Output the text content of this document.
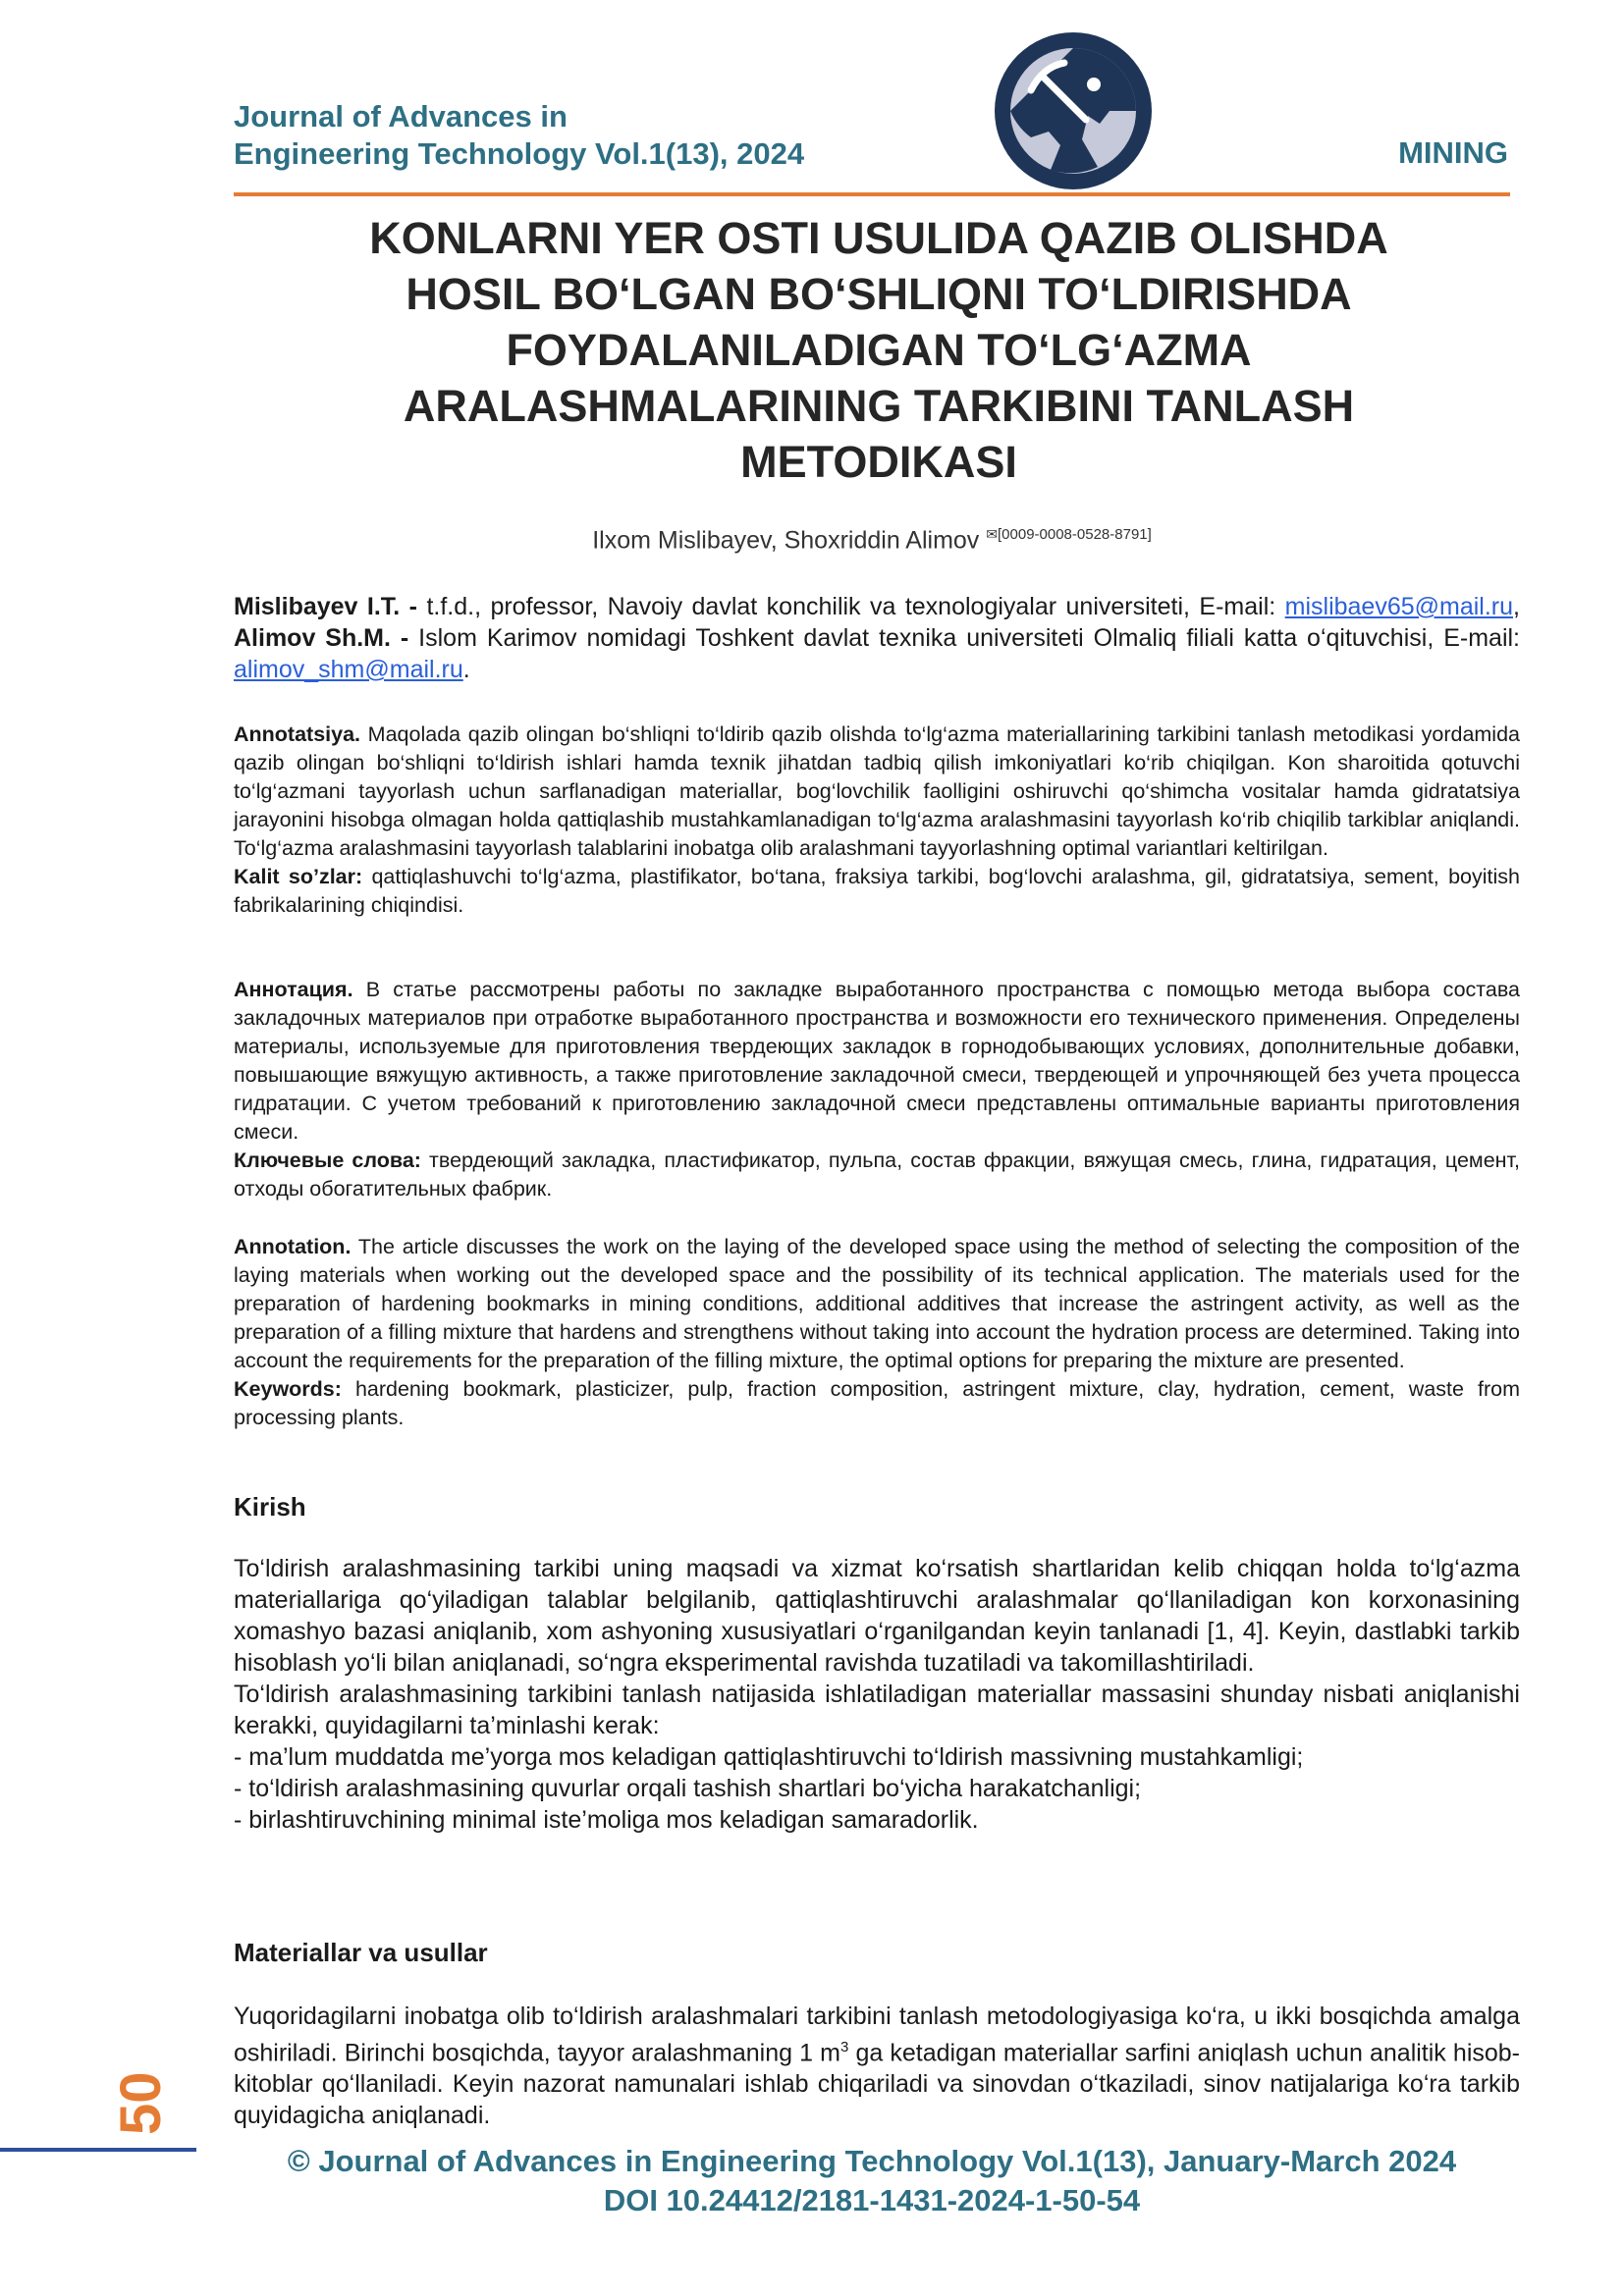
Journal of Advances in
Engineering Technology Vol.1(13), 2024	MINING
KONLARNI YER OSTI USULIDA QAZIB OLISHDA
HOSIL BO‘LGAN BO‘SHLIQNI TO‘LDIRISHDA
FOYDALANILADIGAN TO‘LG‘AZMA
ARALASHMALARINING TARKIBINI TANLASH
METODIKASI
Ilxom Mislibayev, Shoxriddin Alimov $^{✉[0009-0008-0528-8791]}$
Mislibayev I.T. - t.f.d., professor, Navoiy davlat konchilik va texnologiyalar universiteti, E-mail: mislibaev65@mail.ru, Alimov Sh.M. - Islom Karimov nomidagi Toshkent davlat texnika universiteti Olmaliq filiali katta o‘qituvchisi, E-mail: alimov_shm@mail.ru.
Annotatsiya. Maqolada qazib olingan bo‘shliqni to‘ldirib qazib olishda to‘lg‘azma materiallarining tarkibini tanlash metodikasi yordamida qazib olingan bo‘shliqni to‘ldirish ishlari hamda texnik jihatdan tadbiq qilish imkoniyatlari ko‘rib chiqilgan. Kon sharoitida qotuvchi to‘lg‘azmani tayyorlash uchun sarflanadigan materiallar, bog‘lovchilik faolligini oshiruvchi qo‘shimcha vositalar hamda gidratatsiya jarayonini hisobga olmagan holda qattiqlashib mustahkamlanadigan to‘lg‘azma aralashmasini tayyorlash ko‘rib chiqilib tarkiblar aniqlandi. To‘lg‘azma aralashmasini tayyorlash talablarini inobatga olib aralashmani tayyorlashning optimal variantlari keltirilgan.
Kalit so’zlar: qattiqlashuvchi to‘lg‘azma, plastifikator, bo‘tana, fraksiya tarkibi, bog‘lovchi aralashma, gil, gidratatsiya, sement, boyitish fabrikalarining chiqindisi.
Аннотация. В статье рассмотрены работы по закладке выработанного пространства с помощью метода выбора состава закладочных материалов при отработке выработанного пространства и возможности его технического применения. Определены материалы, используемые для приготовления твердеющих закладок в горнодобывающих условиях, дополнительные добавки, повышающие вяжущую активность, а также приготовление закладочной смеси, твердеющей и упрочняющей без учета процесса гидратации. С учетом требований к приготовлению закладочной смеси представлены оптимальные варианты приготовления смеси.
Ключевые слова: твердеющий закладка, пластификатор, пульпа, состав фракции, вяжущая смесь, глина, гидратация, цемент, отходы обогатительных фабрик.
Annotation. The article discusses the work on the laying of the developed space using the method of selecting the composition of the laying materials when working out the developed space and the possibility of its technical application. The materials used for the preparation of hardening bookmarks in mining conditions, additional additives that increase the astringent activity, as well as the preparation of a filling mixture that hardens and strengthens without taking into account the hydration process are determined. Taking into account the requirements for the preparation of the filling mixture, the optimal options for preparing the mixture are presented.
Keywords: hardening bookmark, plasticizer, pulp, fraction composition, astringent mixture, clay, hydration, cement, waste from processing plants.
Kirish
To‘ldirish aralashmasining tarkibi uning maqsadi va xizmat ko‘rsatish shartlaridan kelib chiqqan holda to‘lg‘azma materiallariga qo‘yiladigan talablar belgilanib, qattiqlashtiruvchi aralashmalar qo‘llaniladigan kon korxonasining xomashyo bazasi aniqlanib, xom ashyoning xususiyatlari o‘rganilgandan keyin tanlanadi [1, 4]. Keyin, dastlabki tarkib hisoblash yo‘li bilan aniqlanadi, so‘ngra eksperimental ravishda tuzatiladi va takomillashtiriladi.
To‘ldirish aralashmasining tarkibini tanlash natijasida ishlatiladigan materiallar massasini shunday nisbati aniqlanishi kerakki, quyidagilarni ta’minlashi kerak:
- ma’lum muddatda me’yorga mos keladigan qattiqlashtiruvchi to‘ldirish massivning mustahkamligi;
- to‘ldirish aralashmasining quvurlar orqali tashish shartlari bo‘yicha harakatchanligi;
- birlashtiruvchining minimal iste’moliga mos keladigan samaradorlik.
Materiallar va usullar
Yuqoridagilarni inobatga olib to‘ldirish aralashmalari tarkibini tanlash metodologiyasiga ko‘ra, u ikki bosqichda amalga oshiriladi. Birinchi bosqichda, tayyor aralashmaning 1 $m^3$ ga ketadigan materiallar sarfini aniqlash uchun analitik hisob-kitoblar qo‘llaniladi. Keyin nazorat namunalari ishlab chiqariladi va sinovdan o‘tkaziladi, sinov natijalariga ko‘ra tarkib quyidagicha aniqlanadi.
50
© Journal of Advances in Engineering Technology Vol.1(13), January-March 2024
DOI 10.24412/2181-1431-2024-1-50-54
